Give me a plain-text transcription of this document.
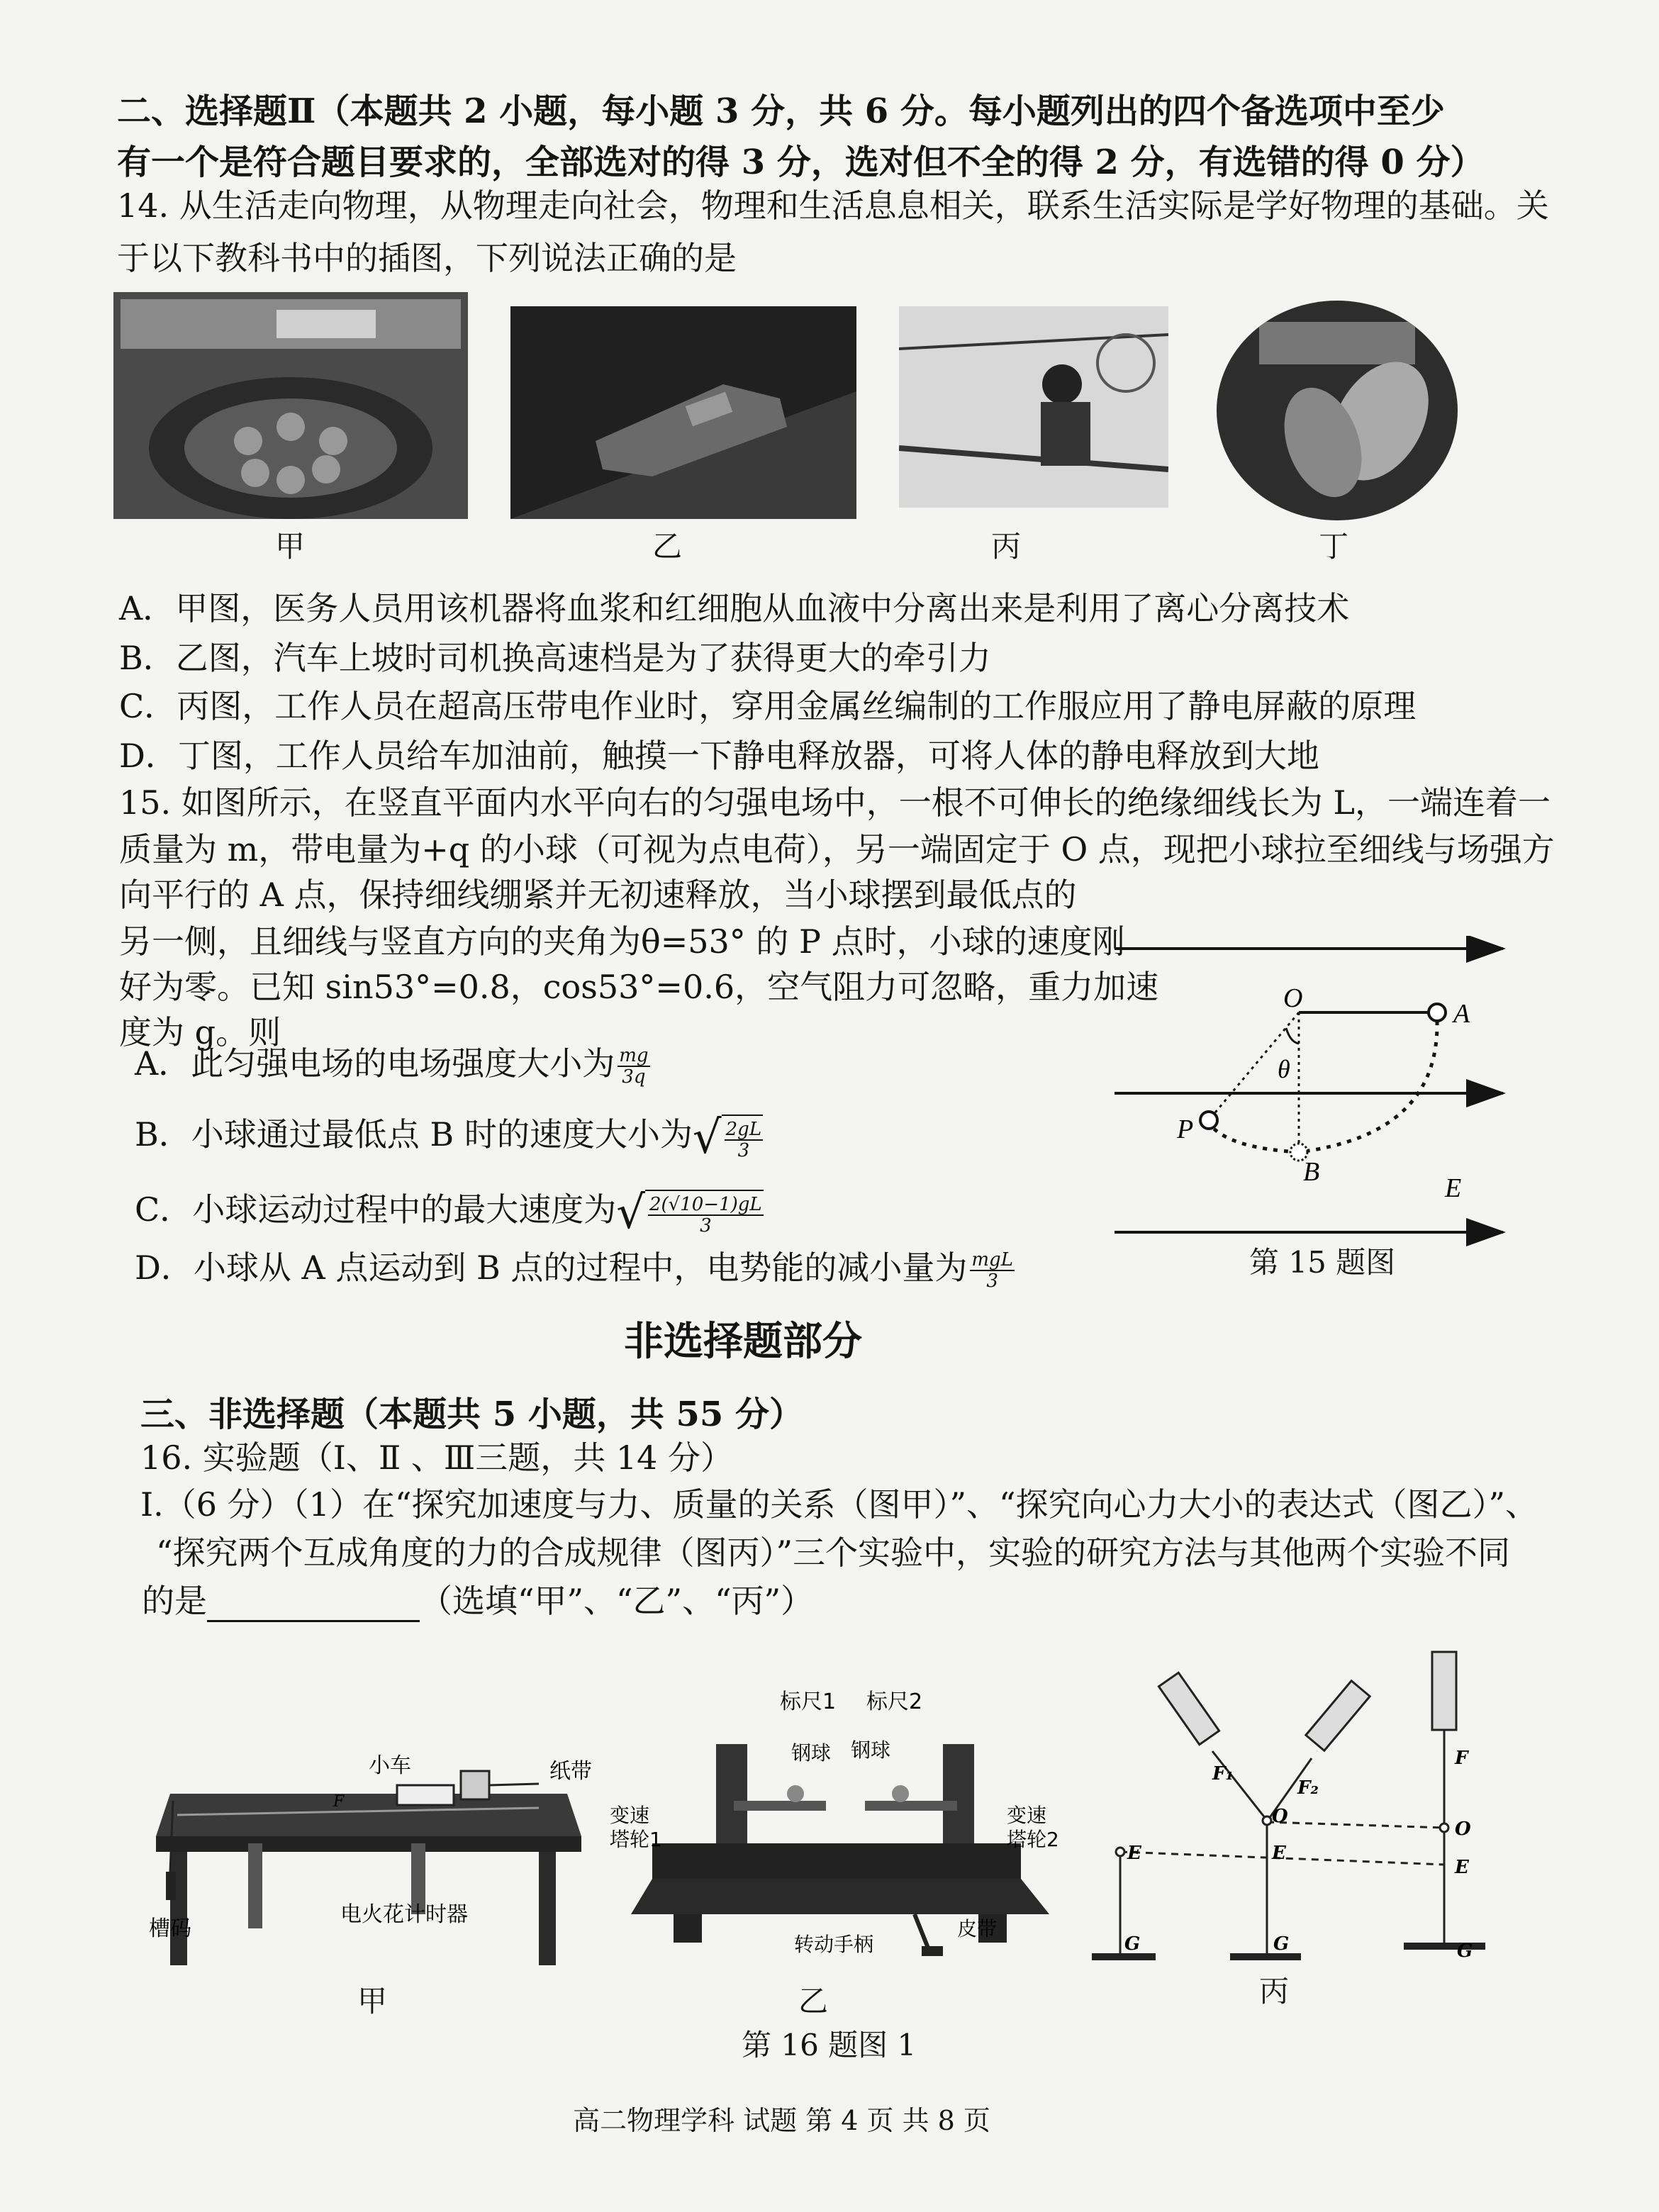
二、选择题Ⅱ（本题共 2 小题，每小题 3 分，共 6 分。每小题列出的四个备选项中至少
有一个是符合题目要求的，全部选对的得 3 分，选对但不全的得 2 分，有选错的得 0 分）
14. 从生活走向物理，从物理走向社会，物理和生活息息相关，联系生活实际是学好物理的基础。关
于以下教科书中的插图，下列说法正确的是
甲	乙	丙	丁
A．甲图，医务人员用该机器将血浆和红细胞从血液中分离出来是利用了离心分离技术
B．乙图，汽车上坡时司机换高速档是为了获得更大的牵引力
C．丙图，工作人员在超高压带电作业时，穿用金属丝编制的工作服应用了静电屏蔽的原理
D．丁图，工作人员给车加油前，触摸一下静电释放器，可将人体的静电释放到大地
15. 如图所示，在竖直平面内水平向右的匀强电场中，一根不可伸长的绝缘细线长为 L，一端连着一
质量为 m，带电量为+q 的小球（可视为点电荷），另一端固定于 O 点，现把小球拉至细线与场强方
向平行的 A 点，保持细线绷紧并无初速释放，当小球摆到最低点的
另一侧，且细线与竖直方向的夹角为θ=53° 的 P 点时，小球的速度刚
好为零。已知 sin53°=0.8，cos53°=0.6，空气阻力可忽略，重力加速
度为 g。则
A．此匀强电场的电场强度大小为 $\frac{mg}{3q}$
B．小球通过最低点 B 时的速度大小为√ $\frac{2gL}{3}$
C．小球运动过程中的最大速度为√ $\frac{2(√10-1)gL}{3}$
D．小球从 A 点运动到 B 点的过程中，电势能的减小量为 $\frac{\text{mgL}}{3}$
O
A
P
B
θ
E
第 15 题图
非选择题部分
三、非选择题（本题共 5 小题，共 55 分）
16. 实验题（Ⅰ、Ⅱ 、Ⅲ三题，共 14 分）
Ⅰ.（6 分）（1）在“探究加速度与力、质量的关系（图甲）”、“探究向心力大小的表达式（图乙）”、
“探究两个互成角度的力的合成规律（图丙）”三个实验中，实验的研究方法与其他两个实验不同
的是	（选填“甲”、“乙”、“丙”）
小车	纸带
F
槽码
电火花计时器
甲
标尺1 标尺2
钢球 钢球
变速
塔轮1
变速
塔轮2
转动手柄
皮带
乙
F₁
F₂
F
O
O
E	E
E
G	G	G
丙
第 16 题图 1
高二物理学科 试题 第 4 页 共 8 页
